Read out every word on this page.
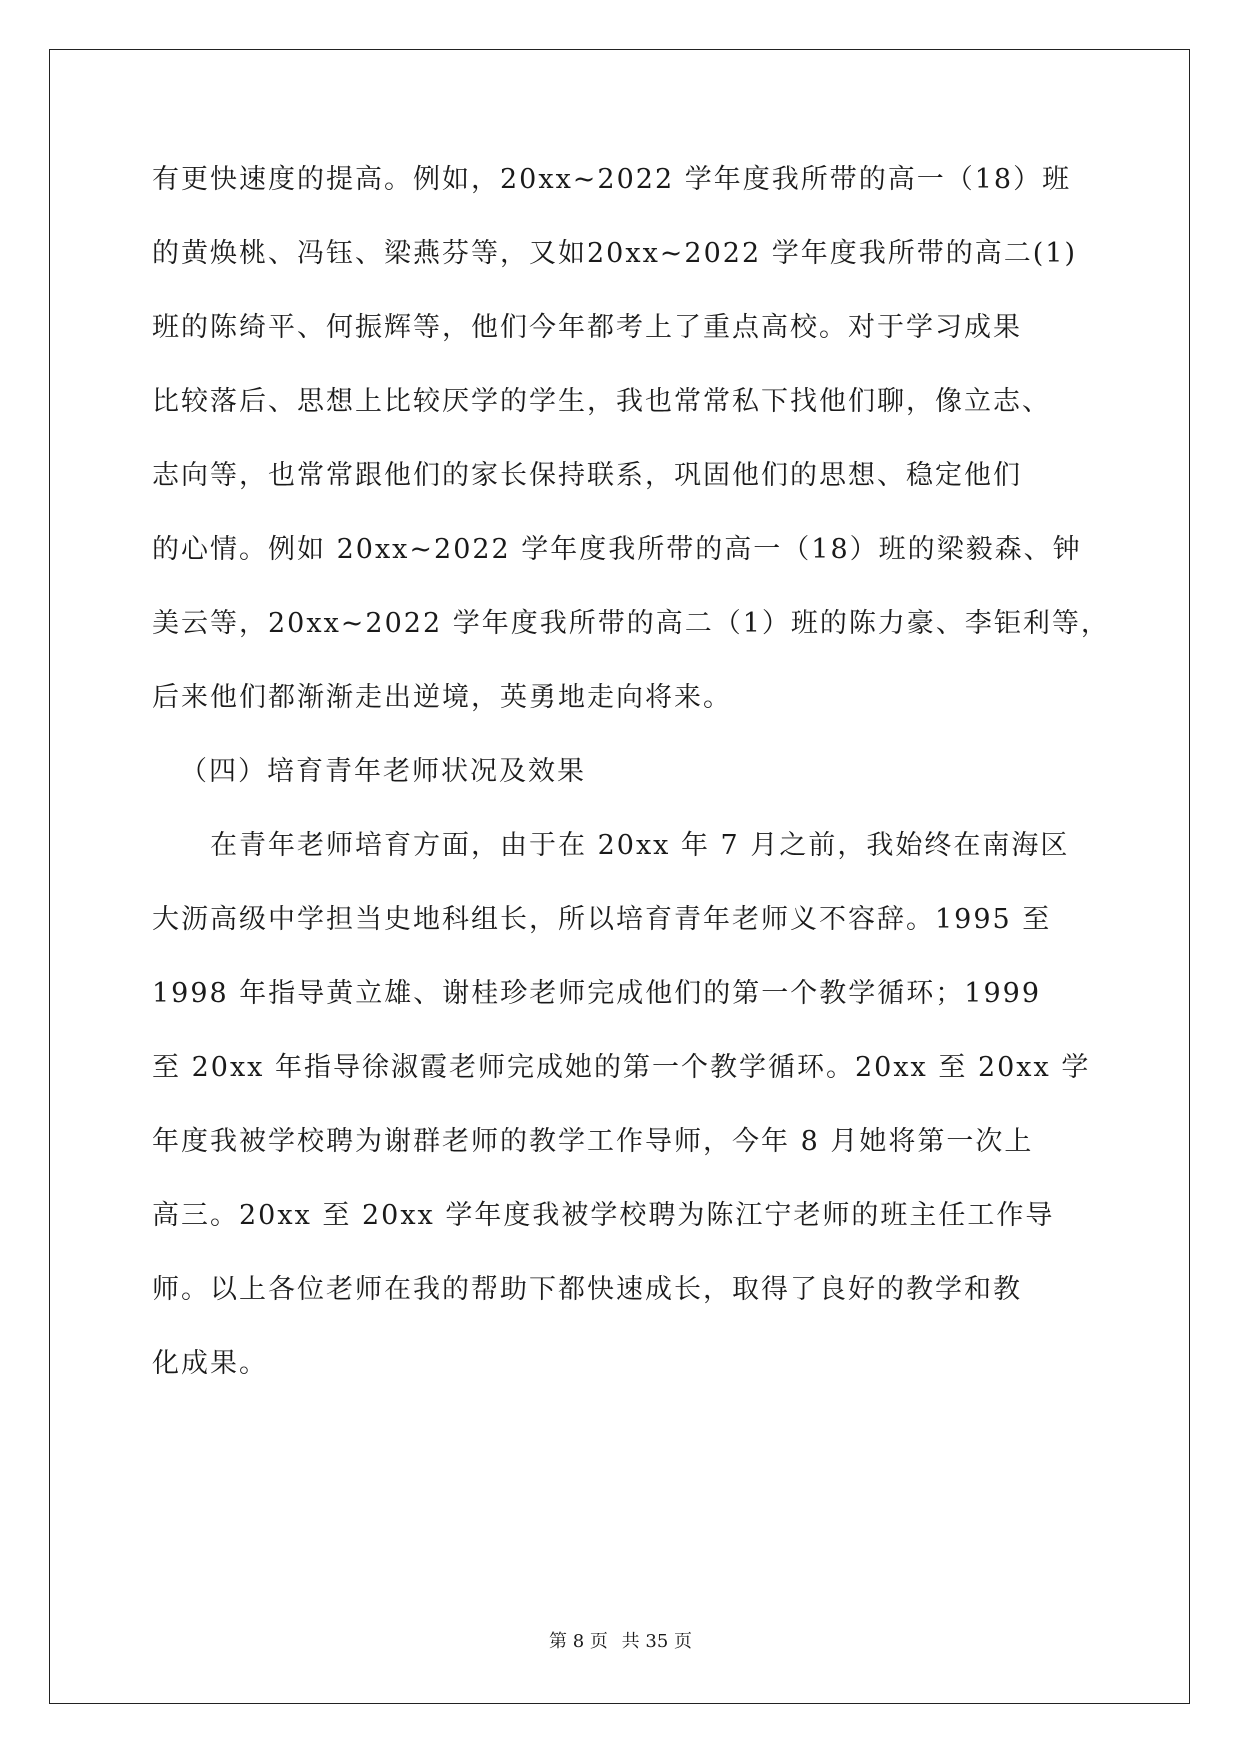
有更快速度的提高。例如，20xx~2022 学年度我所带的高一（18）班
的黄焕桃、冯钰、梁燕芬等，又如20xx~2022 学年度我所带的高二(1)
班的陈绮平、何振辉等，他们今年都考上了重点高校。对于学习成果
比较落后、思想上比较厌学的学生，我也常常私下找他们聊，像立志、
志向等，也常常跟他们的家长保持联系，巩固他们的思想、稳定他们
的心情。例如 20xx~2022 学年度我所带的高一（18）班的梁毅森、钟
美云等，20xx~2022 学年度我所带的高二（1）班的陈力豪、李钜利等，
后来他们都渐渐走出逆境，英勇地走向将来。
（四）培育青年老师状况及效果
在青年老师培育方面，由于在 20xx 年 7 月之前，我始终在南海区
大沥高级中学担当史地科组长，所以培育青年老师义不容辞。1995 至
1998 年指导黄立雄、谢桂珍老师完成他们的第一个教学循环；1999
至 20xx 年指导徐淑霞老师完成她的第一个教学循环。20xx 至 20xx 学
年度我被学校聘为谢群老师的教学工作导师，今年 8 月她将第一次上
高三。20xx 至 20xx 学年度我被学校聘为陈江宁老师的班主任工作导
师。以上各位老师在我的帮助下都快速成长，取得了良好的教学和教
化成果。
第 8 页 共 35 页
